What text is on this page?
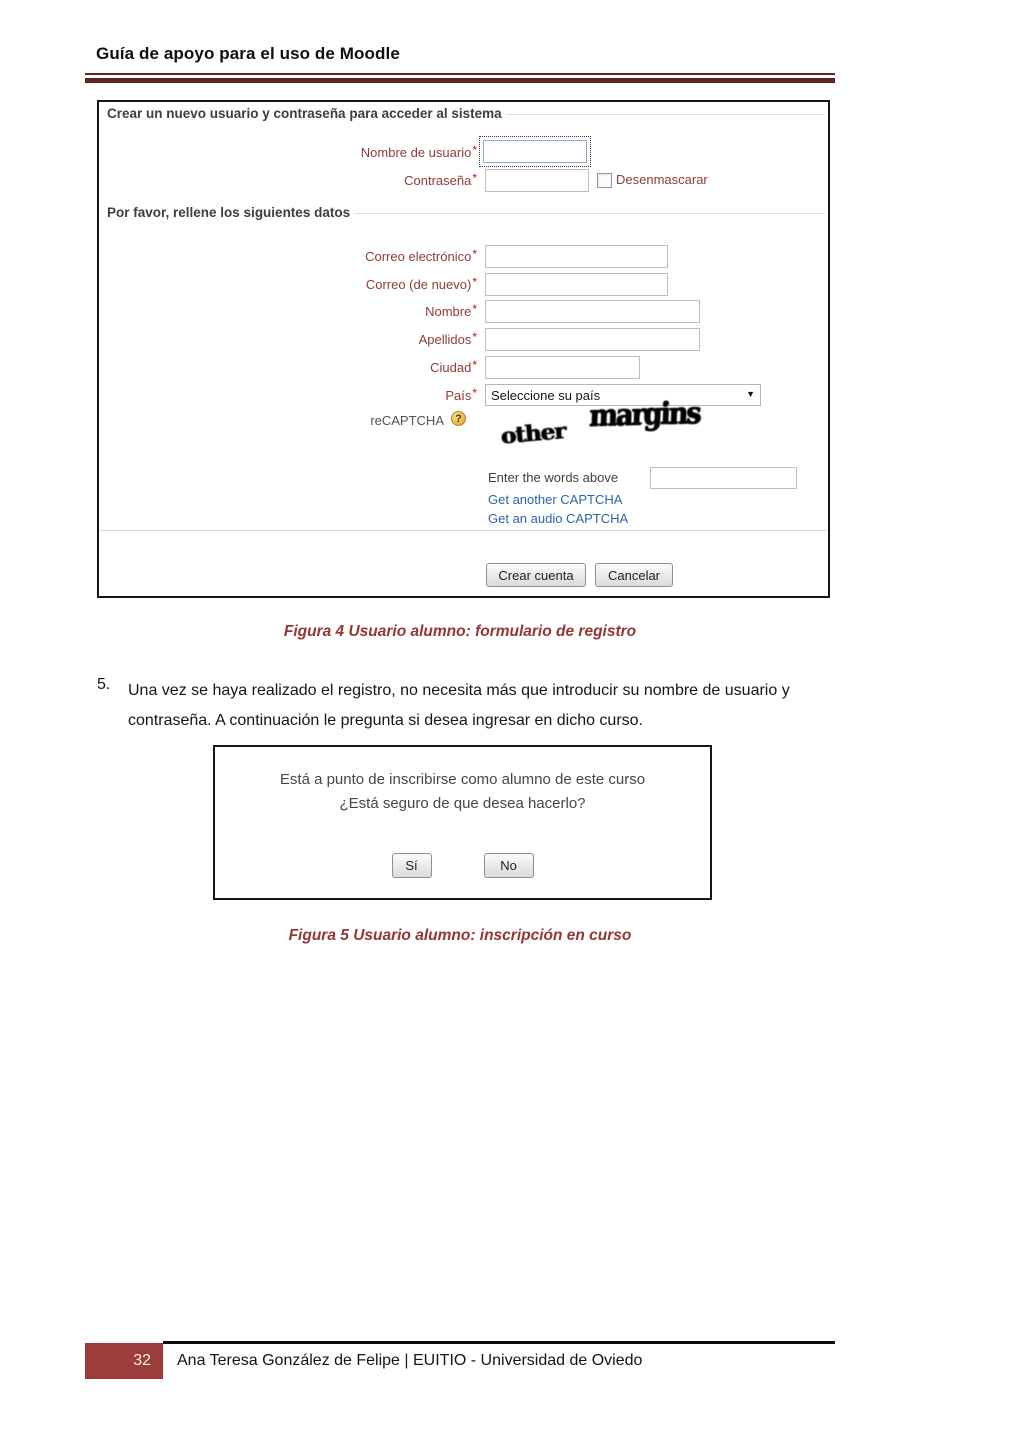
Guía de apoyo para el uso de Moodle
Crear un nuevo usuario y contraseña para acceder al sistema
Nombre de usuario*
Contraseña*	Desenmascarar
Por favor, rellene los siguientes datos
Correo electrónico*
Correo (de nuevo)*
Nombre*
Apellidos*
Ciudad*
País* Seleccione su país	▼
reCAPTCHA	?	margins
other
Enter the words above
Get another CAPTCHA
Get an audio CAPTCHA
Crear cuenta	Cancelar
Figura 4 Usuario alumno: formulario de registro
5. Una vez se haya realizado el registro, no necesita más que introducir su nombre de usuario y contraseña. A continuación le pregunta si desea ingresar en dicho curso.
Está a punto de inscribirse como alumno de este curso
¿Está seguro de que desea hacerlo?
Sí	No
Figura 5 Usuario alumno: inscripción en curso
32	Ana Teresa González de Felipe | EUITIO - Universidad de Oviedo
